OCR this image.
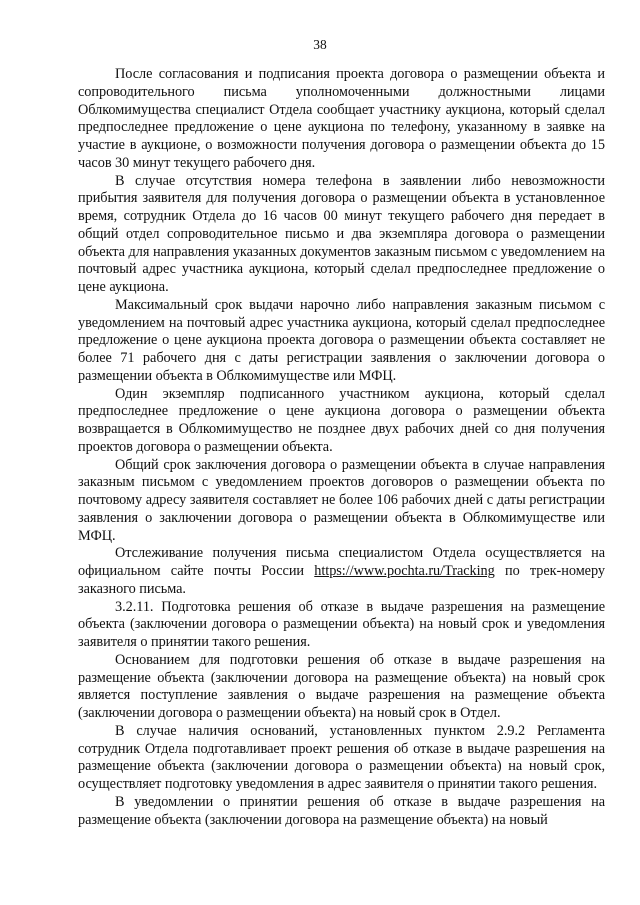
38

После согласования и подписания проекта договора о размещении объекта и сопроводительного письма уполномоченными должностными лицами Облкомимущества специалист Отдела сообщает участнику аукциона, который сделал предпоследнее предложение о цене аукциона по телефону, указанному в заявке на участие в аукционе, о возможности получения договора о размещении объекта до 15 часов 30 минут текущего рабочего дня.

В случае отсутствия номера телефона в заявлении либо невозможности прибытия заявителя для получения договора о размещении объекта в установленное время, сотрудник Отдела до 16 часов 00 минут текущего рабочего дня передает в общий отдел сопроводительное письмо и два экземпляра договора о размещении объекта для направления указанных документов заказным письмом с уведомлением на почтовый адрес участника аукциона, который сделал предпоследнее предложение о цене аукциона.

Максимальный срок выдачи нарочно либо направления заказным письмом с уведомлением на почтовый адрес участника аукциона, который сделал предпоследнее предложение о цене аукциона проекта договора о размещении объекта составляет не более 71 рабочего дня с даты регистрации заявления о заключении договора о размещении объекта в Облкомимуществе или МФЦ.

Один экземпляр подписанного участником аукциона, который сделал предпоследнее предложение о цене аукциона договора о размещении объекта возвращается в Облкомимущество не позднее двух рабочих дней со дня получения проектов договора о размещении объекта.

Общий срок заключения договора о размещении объекта в случае направления заказным письмом с уведомлением проектов договоров о размещении объекта по почтовому адресу заявителя составляет не более 106 рабочих дней с даты регистрации заявления о заключении договора о размещении объекта в Облкомимуществе или МФЦ.

Отслеживание получения письма специалистом Отдела осуществляется на официальном сайте почты России https://www.pochta.ru/Tracking по трек-номеру заказного письма.

3.2.11. Подготовка решения об отказе в выдаче разрешения на размещение объекта (заключении договора о размещении объекта) на новый срок и уведомления заявителя о принятии такого решения.

Основанием для подготовки решения об отказе в выдаче разрешения на размещение объекта (заключении договора на размещение объекта) на новый срок является поступление заявления о выдаче разрешения на размещение объекта (заключении договора о размещении объекта) на новый срок в Отдел.

В случае наличия оснований, установленных пунктом 2.9.2 Регламента сотрудник Отдела подготавливает проект решения об отказе в выдаче разрешения на размещение объекта (заключении договора о размещении объекта) на новый срок, осуществляет подготовку уведомления в адрес заявителя о принятии такого решения.

В уведомлении о принятии решения об отказе в выдаче разрешения на размещение объекта (заключении договора на размещение объекта) на новый
